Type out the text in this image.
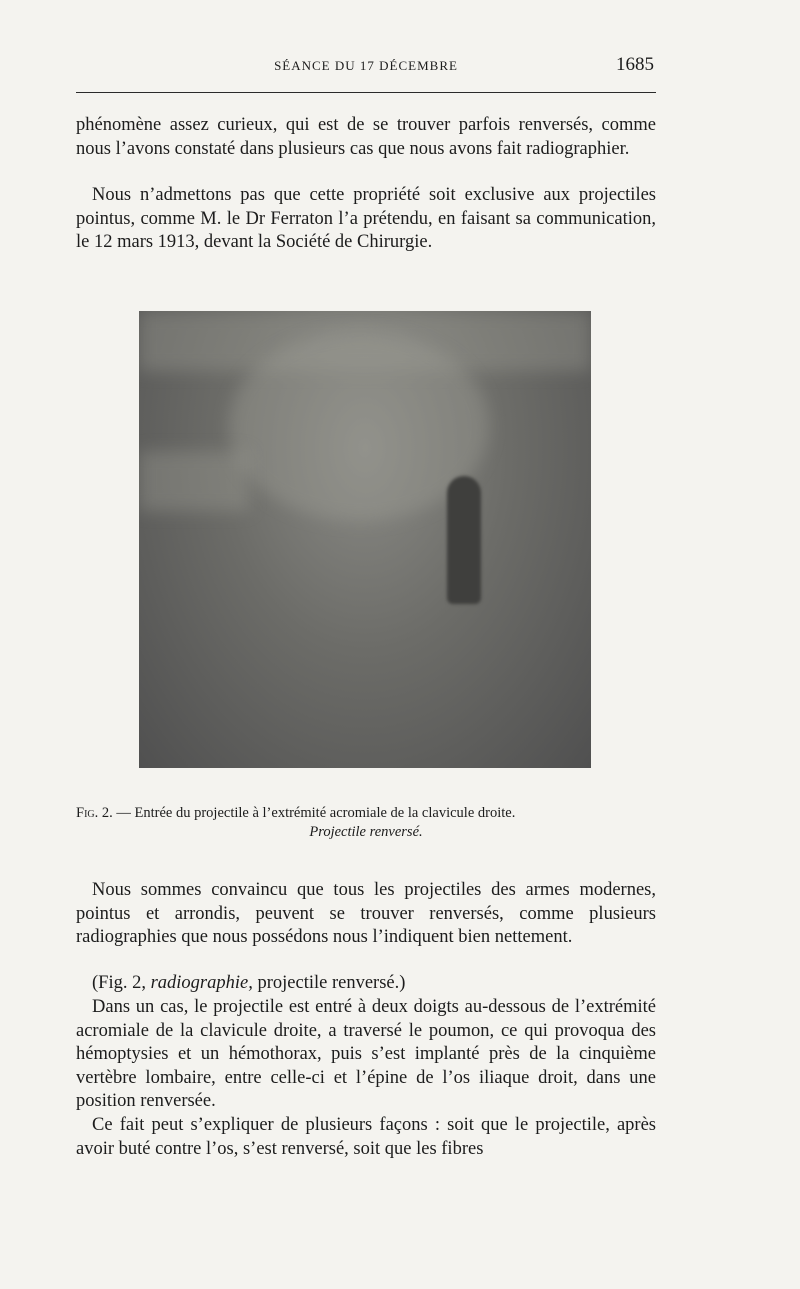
SÉANCE DU 17 DÉCEMBRE	1685

phénomène assez curieux, qui est de se trouver parfois renversés, comme nous l’avons constaté dans plusieurs cas que nous avons fait radiographier.

Nous n’admettons pas que cette propriété soit exclusive aux projectiles pointus, comme M. le Dr Ferraton l’a prétendu, en faisant sa communication, le 12 mars 1913, devant la Société de Chirurgie.

Fig. 2. — Entrée du projectile à l’extrémité acromiale de la clavicule droite.
Projectile renversé.

Nous sommes convaincu que tous les projectiles des armes modernes, pointus et arrondis, peuvent se trouver renversés, comme plusieurs radiographies que nous possédons nous l’indiquent bien nettement.

(Fig. 2, radiographie, projectile renversé.)

Dans un cas, le projectile est entré à deux doigts au-dessous de l’extrémité acromiale de la clavicule droite, a traversé le poumon, ce qui provoqua des hémoptysies et un hémothorax, puis s’est implanté près de la cinquième vertèbre lombaire, entre celle-ci et l’épine de l’os iliaque droit, dans une position renversée.

Ce fait peut s’expliquer de plusieurs façons : soit que le projectile, après avoir buté contre l’os, s’est renversé, soit que les fibres
